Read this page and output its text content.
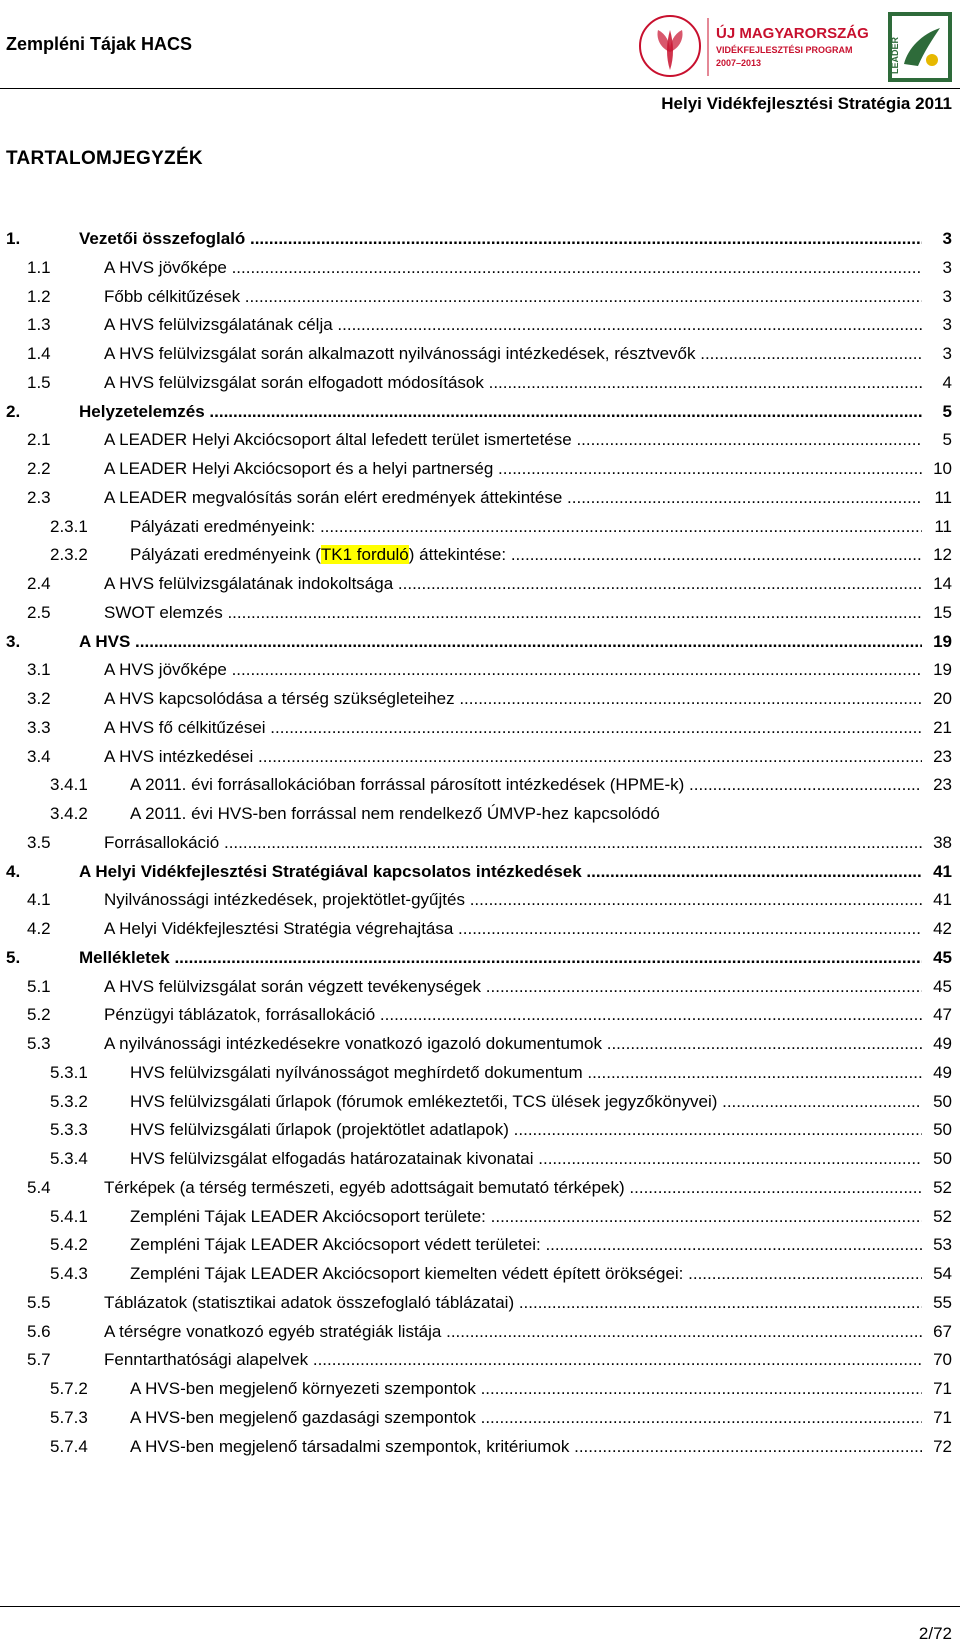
Zempléni Tájak HACS
ÚJ MAGYARORSZÁG
VIDÉKFEJLESZTÉSI PROGRAM
2007–2013	LEADER
Helyi Vidékfejlesztési Stratégia 2011
TARTALOMJEGYZÉK
1.	Vezetői összefoglaló .....	3
1.1	A HVS jövőképe .....	3
1.2	Főbb célkitűzések .....	3
1.3	A HVS felülvizsgálatának célja .....	3
1.4	A HVS felülvizsgálat során alkalmazott nyilvánossági intézkedések, résztvevők .....	3
1.5	A HVS felülvizsgálat során elfogadott módosítások .....	4
2.	Helyzetelemzés .....	5
2.1	A LEADER Helyi Akciócsoport által lefedett terület ismertetése .....	5
2.2	A LEADER Helyi Akciócsoport és a helyi partnerség .....	10
2.3	A LEADER megvalósítás során elért eredmények áttekintése .....	11
2.3.1 Pályázati eredményeink: .....	11
2.3.2 Pályázati eredményeink (TK1 forduló) áttekintése: .....	12
2.4	A HVS felülvizsgálatának indokoltsága .....	14
2.5	SWOT elemzés .....	15
3.	A HVS .....	19
3.1	A HVS jövőképe .....	19
3.2	A HVS kapcsolódása a térség szükségleteihez .....	20
3.3	A HVS fő célkitűzései .....	21
3.4	A HVS intézkedései .....	23
3.4.1 A 2011. évi forrásallokációban forrással párosított intézkedések (HPME-k) .....	23
3.4.2 A 2011. évi HVS-ben forrással nem rendelkező ÚMVP-hez kapcsolódó
3.5	Forrásallokáció .....	38
4.	A Helyi Vidékfejlesztési Stratégiával kapcsolatos intézkedések .....	41
4.1	Nyilvánossági intézkedések, projektötlet-gyűjtés .....	41
4.2	A Helyi Vidékfejlesztési Stratégia végrehajtása .....	42
5.	Mellékletek .....	45
5.1	A HVS felülvizsgálat során végzett tevékenységek .....	45
5.2	Pénzügyi táblázatok, forrásallokáció .....	47
5.3	A nyilvánossági intézkedésekre vonatkozó igazoló dokumentumok .....	49
5.3.1 HVS felülvizsgálati nyílvánosságot meghírdető dokumentum .....	49
5.3.2 HVS felülvizsgálati űrlapok (fórumok emlékeztetői, TCS ülések jegyzőkönyvei) .....	50
5.3.3 HVS felülvizsgálati űrlapok (projektötlet adatlapok) .....	50
5.3.4 HVS felülvizsgálat elfogadás határozatainak kivonatai .....	50
5.4	Térképek (a térség természeti, egyéb adottságait bemutató térképek) .....	52
5.4.1 Zempléni Tájak LEADER Akciócsoport területe: .....	52
5.4.2 Zempléni Tájak LEADER Akciócsoport védett területei: .....	53
5.4.3 Zempléni Tájak LEADER Akciócsoport kiemelten védett épített örökségei: .....	54
5.5	Táblázatok (statisztikai adatok összefoglaló táblázatai) .....	55
5.6	A térségre vonatkozó egyéb stratégiák listája .....	67
5.7	Fenntarthatósági alapelvek .....	70
5.7.2 A HVS-ben megjelenő környezeti szempontok .....	71
5.7.3 A HVS-ben megjelenő gazdasági szempontok .....	71
5.7.4 A HVS-ben megjelenő társadalmi szempontok, kritériumok .....	72
2/72
